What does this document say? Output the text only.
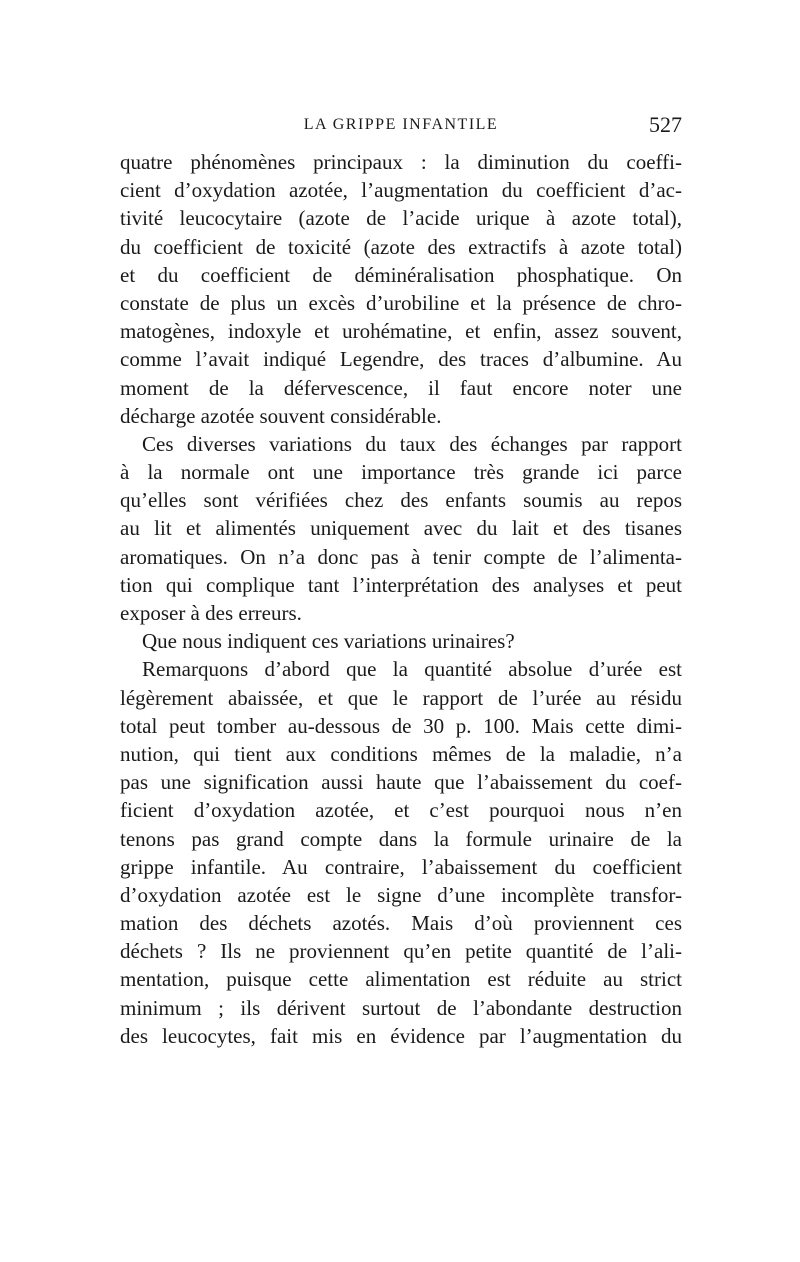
LA GRIPPE INFANTILE	527
quatre phénomènes principaux : la diminution du coeffi-
cient d’oxydation azotée, l’augmentation du coefficient d’ac-
tivité leucocytaire (azote de l’acide urique à azote total),
du coefficient de toxicité (azote des extractifs à azote total)
et du coefficient de déminéralisation phosphatique. On
constate de plus un excès d’urobiline et la présence de chro-
matogènes, indoxyle et urohématine, et enfin, assez souvent,
comme l’avait indiqué Legendre, des traces d’albumine. Au
moment de la défervescence, il faut encore noter une
décharge azotée souvent considérable.
Ces diverses variations du taux des échanges par rapport
à la normale ont une importance très grande ici parce
qu’elles sont vérifiées chez des enfants soumis au repos
au lit et alimentés uniquement avec du lait et des tisanes
aromatiques. On n’a donc pas à tenir compte de l’alimenta-
tion qui complique tant l’interprétation des analyses et peut
exposer à des erreurs.
Que nous indiquent ces variations urinaires?
Remarquons d’abord que la quantité absolue d’urée est
légèrement abaissée, et que le rapport de l’urée au résidu
total peut tomber au-dessous de 30 p. 100. Mais cette dimi-
nution, qui tient aux conditions mêmes de la maladie, n’a
pas une signification aussi haute que l’abaissement du coef-
ficient d’oxydation azotée, et c’est pourquoi nous n’en
tenons pas grand compte dans la formule urinaire de la
grippe infantile. Au contraire, l’abaissement du coefficient
d’oxydation azotée est le signe d’une incomplète transfor-
mation des déchets azotés. Mais d’où proviennent ces
déchets ? Ils ne proviennent qu’en petite quantité de l’ali-
mentation, puisque cette alimentation est réduite au strict
minimum ; ils dérivent surtout de l’abondante destruction
des leucocytes, fait mis en évidence par l’augmentation du
